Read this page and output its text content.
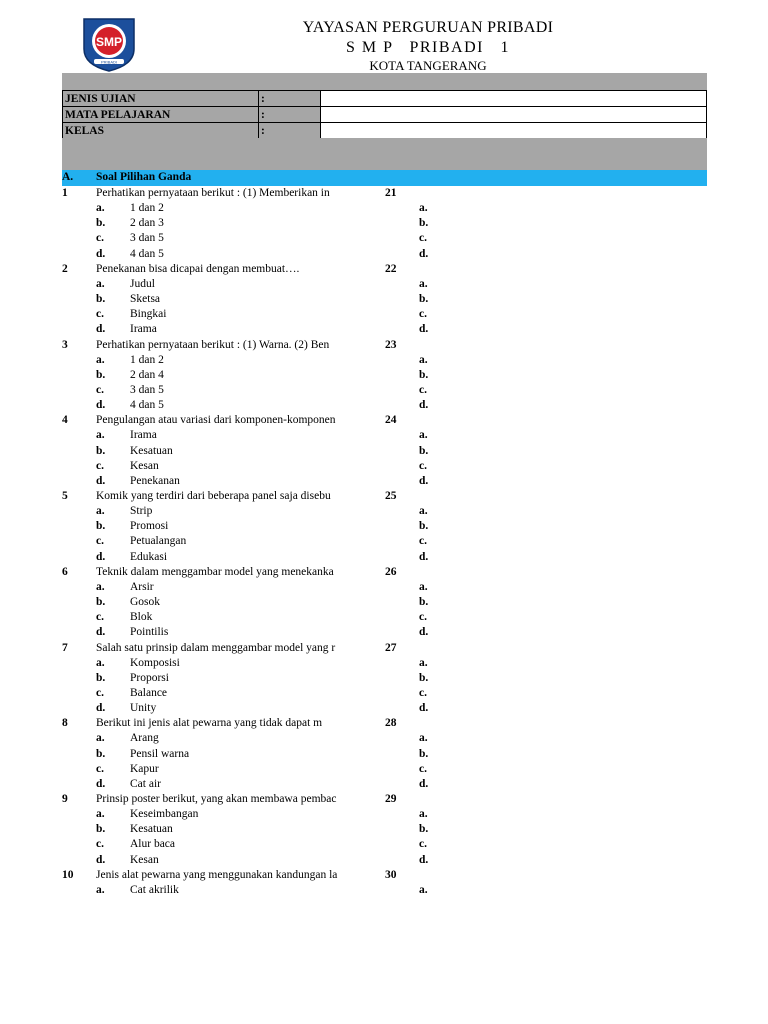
SMP
PRIBADI
YAYASAN PERGURUAN PRIBADI
S M P   PRIBADI   1
KOTA TANGERANG
JENIS UJIAN	:	
MATA PELAJARAN	:	
KELAS	:	
A. Soal Pilihan Ganda
1	Perhatikan pernyataan berikut : (1) Memberikan in	21
a.	1 dan 2	a.
b.	2 dan 3	b.
c.	3 dan 5	c.
d.	4 dan 5	d.
2	Penekanan bisa dicapai dengan membuat….	22
a.	Judul	a.
b.	Sketsa	b.
c.	Bingkai	c.
d.	Irama	d.
3	Perhatikan pernyataan berikut : (1) Warna. (2) Ben	23
a.	1 dan 2	a.
b.	2 dan 4	b.
c.	3 dan 5	c.
d.	4 dan 5	d.
4	Pengulangan atau variasi dari komponen-komponen	24
a.	Irama	a.
b.	Kesatuan	b.
c.	Kesan	c.
d.	Penekanan	d.
5	Komik yang terdiri dari beberapa panel saja disebu	25
a.	Strip	a.
b.	Promosi	b.
c.	Petualangan	c.
d.	Edukasi	d.
6	Teknik dalam menggambar model yang menekanka	26
a.	Arsir	a.
b.	Gosok	b.
c.	Blok	c.
d.	Pointilis	d.
7	Salah satu prinsip dalam menggambar model yang r	27
a.	Komposisi	a.
b.	Proporsi	b.
c.	Balance	c.
d.	Unity	d.
8	Berikut ini jenis alat pewarna yang tidak dapat m	28
a.	Arang	a.
b.	Pensil warna	b.
c.	Kapur	c.
d.	Cat air	d.
9	Prinsip poster berikut, yang akan membawa pembac	29
a.	Keseimbangan	a.
b.	Kesatuan	b.
c.	Alur baca	c.
d.	Kesan	d.
10	Jenis alat pewarna yang menggunakan kandungan la	30
a.	Cat akrilik	a.
